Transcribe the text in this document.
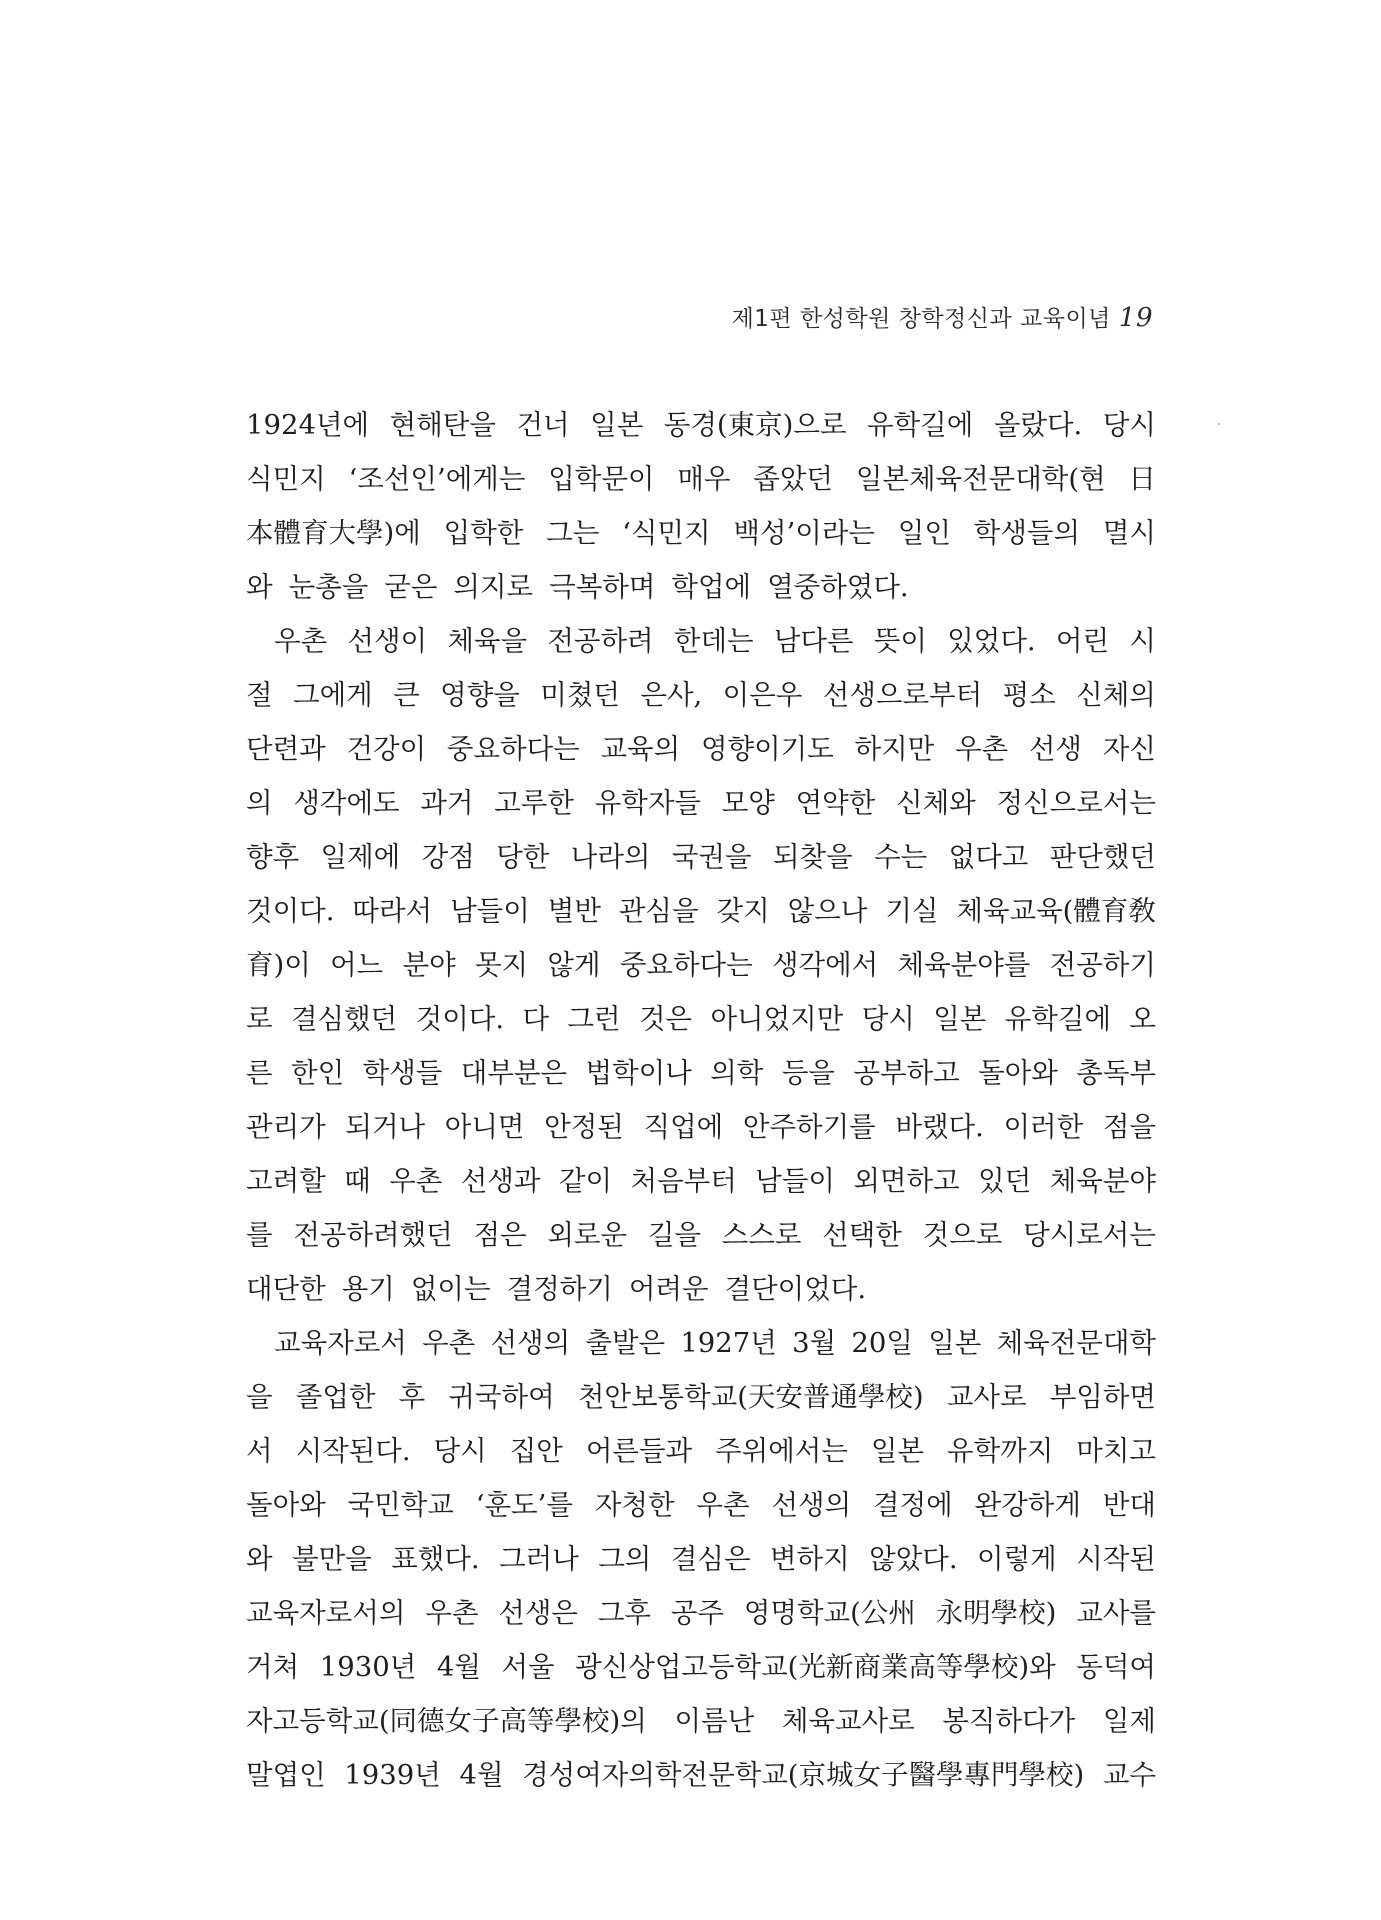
제1편 한성학원 창학정신과 교육이념 19
1924년에 현해탄을 건너 일본 동경(東京)으로 유학길에 올랐다. 당시
식민지 ‘조선인’에게는 입학문이 매우 좁았던 일본체육전문대학(현 日
本體育大學)에 입학한 그는 ‘식민지 백성’이라는 일인 학생들의 멸시
와 눈총을 굳은 의지로 극복하며 학업에 열중하였다.
우촌 선생이 체육을 전공하려 한데는 남다른 뜻이 있었다. 어린 시
절 그에게 큰 영향을 미쳤던 은사, 이은우 선생으로부터 평소 신체의
단련과 건강이 중요하다는 교육의 영향이기도 하지만 우촌 선생 자신
의 생각에도 과거 고루한 유학자들 모양 연약한 신체와 정신으로서는
향후 일제에 강점 당한 나라의 국권을 되찾을 수는 없다고 판단했던
것이다. 따라서 남들이 별반 관심을 갖지 않으나 기실 체육교육(體育敎
育)이 어느 분야 못지 않게 중요하다는 생각에서 체육분야를 전공하기
로 결심했던 것이다. 다 그런 것은 아니었지만 당시 일본 유학길에 오
른 한인 학생들 대부분은 법학이나 의학 등을 공부하고 돌아와 총독부
관리가 되거나 아니면 안정된 직업에 안주하기를 바랬다. 이러한 점을
고려할 때 우촌 선생과 같이 처음부터 남들이 외면하고 있던 체육분야
를 전공하려했던 점은 외로운 길을 스스로 선택한 것으로 당시로서는
대단한 용기 없이는 결정하기 어려운 결단이었다.
교육자로서 우촌 선생의 출발은 1927년 3월 20일 일본 체육전문대학
을 졸업한 후 귀국하여 천안보통학교(天安普通學校) 교사로 부임하면
서 시작된다. 당시 집안 어른들과 주위에서는 일본 유학까지 마치고
돌아와 국민학교 ‘훈도’를 자청한 우촌 선생의 결정에 완강하게 반대
와 불만을 표했다. 그러나 그의 결심은 변하지 않았다. 이렇게 시작된
교육자로서의 우촌 선생은 그후 공주 영명학교(公州 永明學校) 교사를
거쳐 1930년 4월 서울 광신상업고등학교(光新商業高等學校)와 동덕여
자고등학교(同德女子高等學校)의 이름난 체육교사로 봉직하다가 일제
말엽인 1939년 4월 경성여자의학전문학교(京城女子醫學專門學校) 교수
